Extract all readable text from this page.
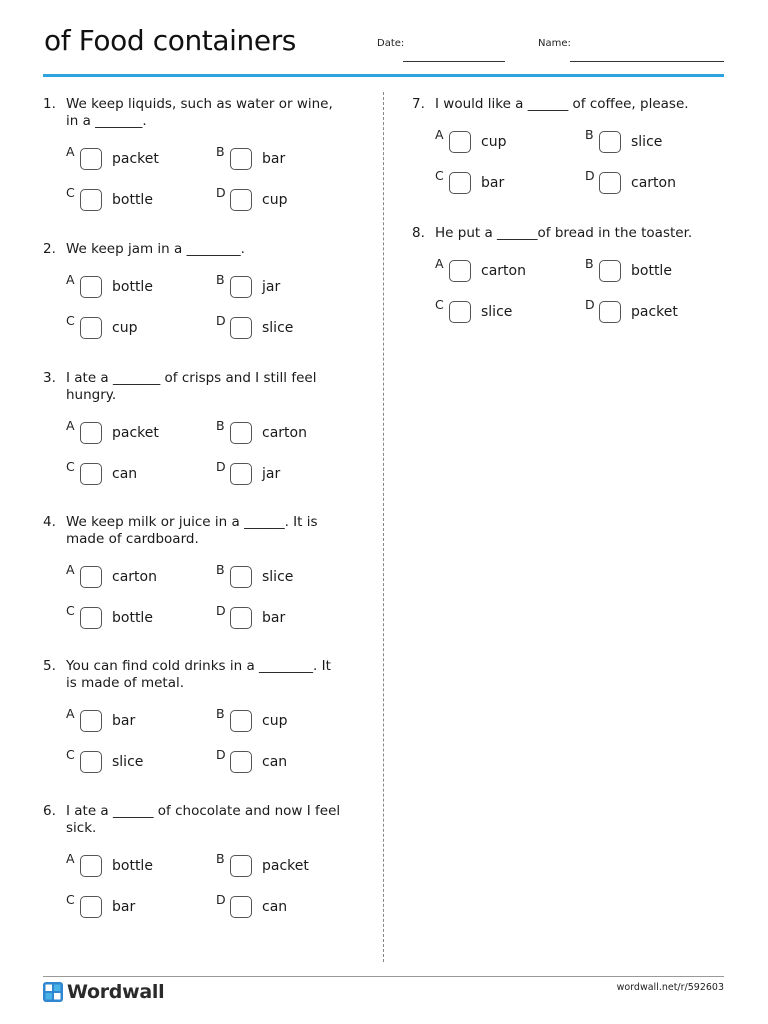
of Food containers	Date:	Name:
1. We keep liquids, such as water or wine, in a _______.
A	packet	B	bar
C	bottle	D	cup
2. We keep jam in a ________.
A	bottle	B	jar
C	cup	D	slice
3. I ate a _______ of crisps and I still feel hungry.
A	packet	B	carton
C	can	D	jar
4. We keep milk or juice in a ______. It is made of cardboard.
A	carton	B	slice
C	bottle	D	bar
5. You can find cold drinks in a ________. It is made of metal.
A	bar	B	cup
C	slice	D	can
6. I ate a ______ of chocolate and now I feel sick.
A	bottle	B	packet
C	bar	D	can
7. I would like a ______ of coffee, please.
A	cup	B	slice
C	bar	D	carton
8. He put a ______of bread in the toaster.
A	carton	B	bottle
C	slice	D	packet
Wordwall	wordwall.net/r/592603
